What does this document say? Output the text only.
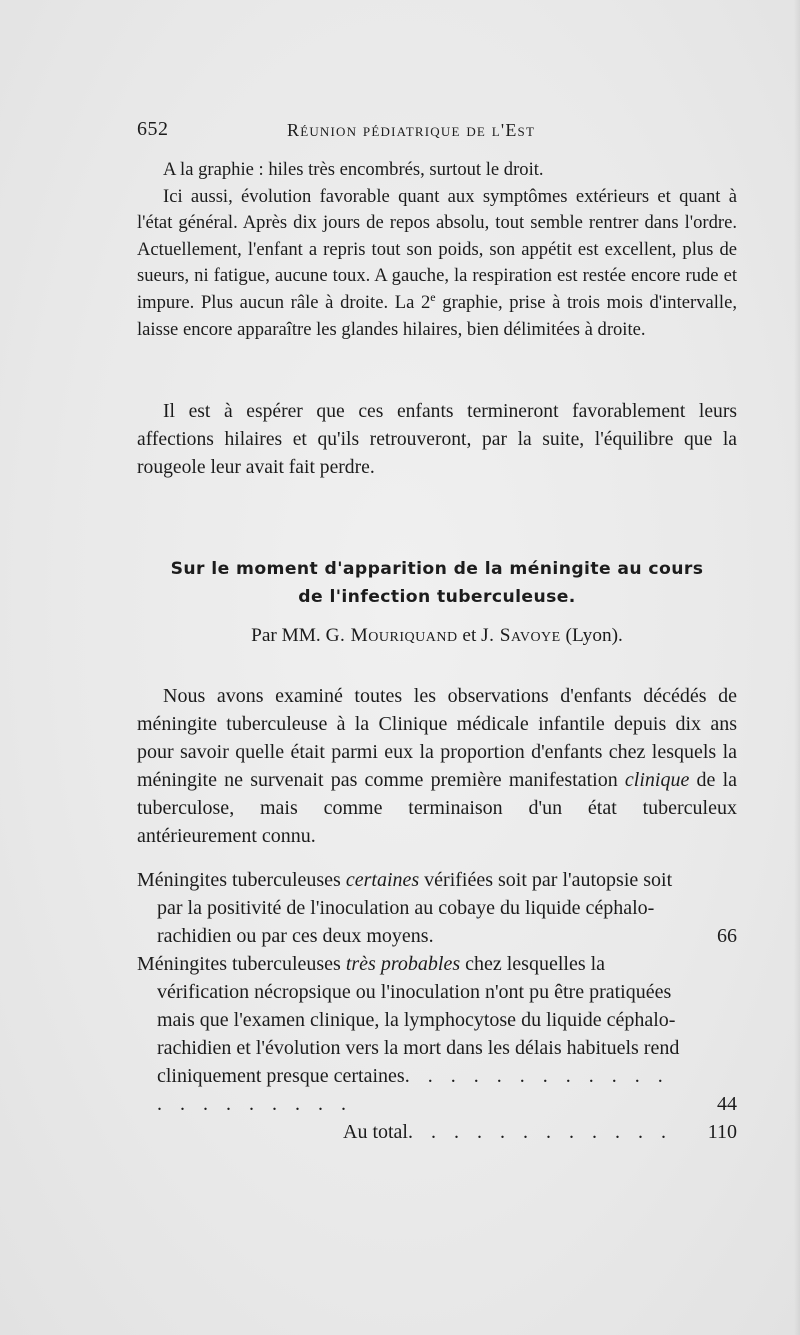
652	Réunion pédiatrique de l'Est

A la graphie : hiles très encombrés, surtout le droit.

Ici aussi, évolution favorable quant aux symptômes extérieurs et quant à l'état général. Après dix jours de repos absolu, tout semble rentrer dans l'ordre. Actuellement, l'enfant a repris tout son poids, son appétit est excellent, plus de sueurs, ni fatigue, aucune toux. A gauche, la respiration est restée encore rude et impure. Plus aucun râle à droite. La 2e graphie, prise à trois mois d'intervalle, laisse encore apparaître les glandes hilaires, bien délimitées à droite.

Il est à espérer que ces enfants termineront favorablement leurs affections hilaires et qu'ils retrouveront, par la suite, l'équilibre que la rougeole leur avait fait perdre.

Sur le moment d'apparition de la méningite au cours
de l'infection tuberculeuse.
Par MM. G. Mouriquand et J. Savoye (Lyon).

Nous avons examiné toutes les observations d'enfants décédés de méningite tuberculeuse à la Clinique médicale infantile depuis dix ans pour savoir quelle était parmi eux la proportion d'enfants chez lesquels la méningite ne survenait pas comme première manifestation clinique de la tuberculose, mais comme terminaison d'un état tuberculeux antérieurement connu.

Méningites tuberculeuses certaines vérifiées soit par l'autopsie soit par la positivité de l'inoculation au cobaye du liquide céphalo-rachidien ou par ces deux moyens.	66
Méningites tuberculeuses très probables chez lesquelles la vérification nécropsique ou l'inoculation n'ont pu être pratiquées mais que l'examen clinique, la lymphocytose du liquide céphalo-rachidien et l'évolution vers la mort dans les délais habituels rend cliniquement presque certaines. . . . . . . . . . . . . . . . . . . . .	44
Au total. . . . . . . . . . . . 110
